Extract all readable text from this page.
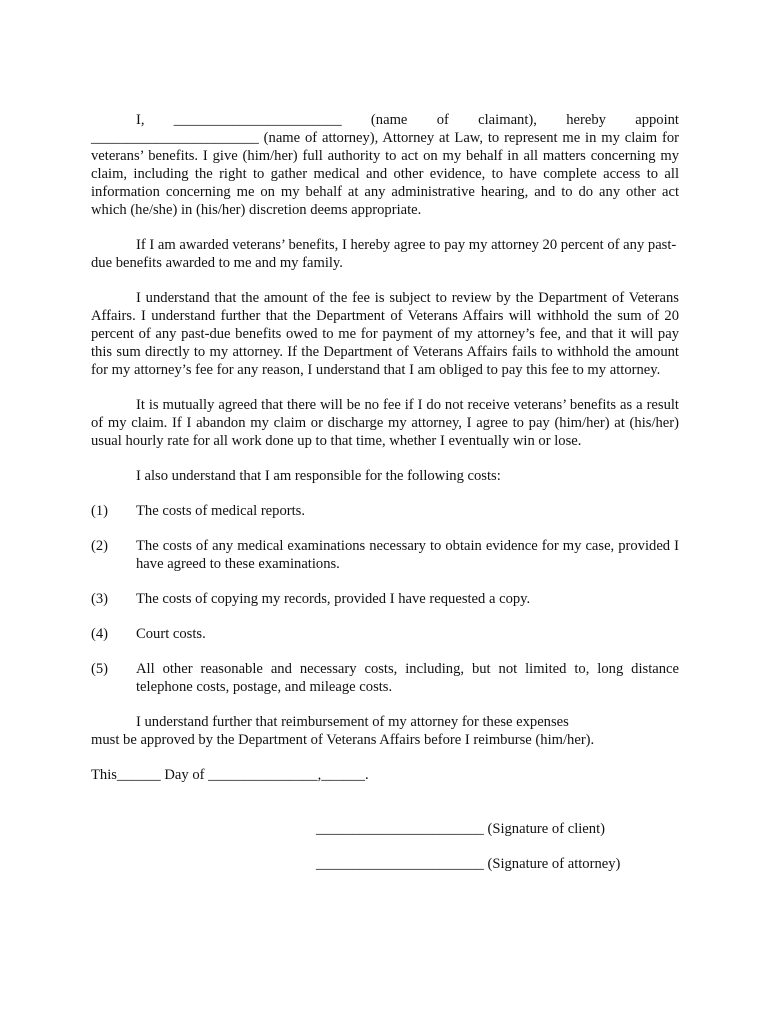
I, _______________________ (name of claimant), hereby appoint _______________________ (name of attorney), Attorney at Law, to represent me in my claim for veterans’ benefits. I give (him/her) full authority to act on my behalf in all matters concerning my claim, including the right to gather medical and other evidence, to have complete access to all information concerning me on my behalf at any administrative hearing, and to do any other act which (he/she) in (his/her) discretion deems appropriate.

If I am awarded veterans’ benefits, I hereby agree to pay my attorney 20 percent of any past-due benefits awarded to me and my family.

I understand that the amount of the fee is subject to review by the Department of Veterans Affairs. I understand further that the Department of Veterans Affairs will withhold the sum of 20 percent of any past-due benefits owed to me for payment of my attorney’s fee, and that it will pay this sum directly to my attorney. If the Department of Veterans Affairs fails to withhold the amount for my attorney’s fee for any reason, I understand that I am obliged to pay this fee to my attorney.

It is mutually agreed that there will be no fee if I do not receive veterans’ benefits as a result of my claim. If I abandon my claim or discharge my attorney, I agree to pay (him/her) at (his/her) usual hourly rate for all work done up to that time, whether I eventually win or lose.

I also understand that I am responsible for the following costs:

(1)	The costs of medical reports.
(2)	The costs of any medical examinations necessary to obtain evidence for my case, provided I have agreed to these examinations.
(3)	The costs of copying my records, provided I have requested a copy.
(4)	Court costs.
(5)	All other reasonable and necessary costs, including, but not limited to, long distance telephone costs, postage, and mileage costs.
I understand further that reimbursement of my attorney for these expenses
must be approved by the Department of Veterans Affairs before I reimburse (him/her).
This______ Day of _______________,______.
_______________________ (Signature of client)
_______________________ (Signature of attorney)
